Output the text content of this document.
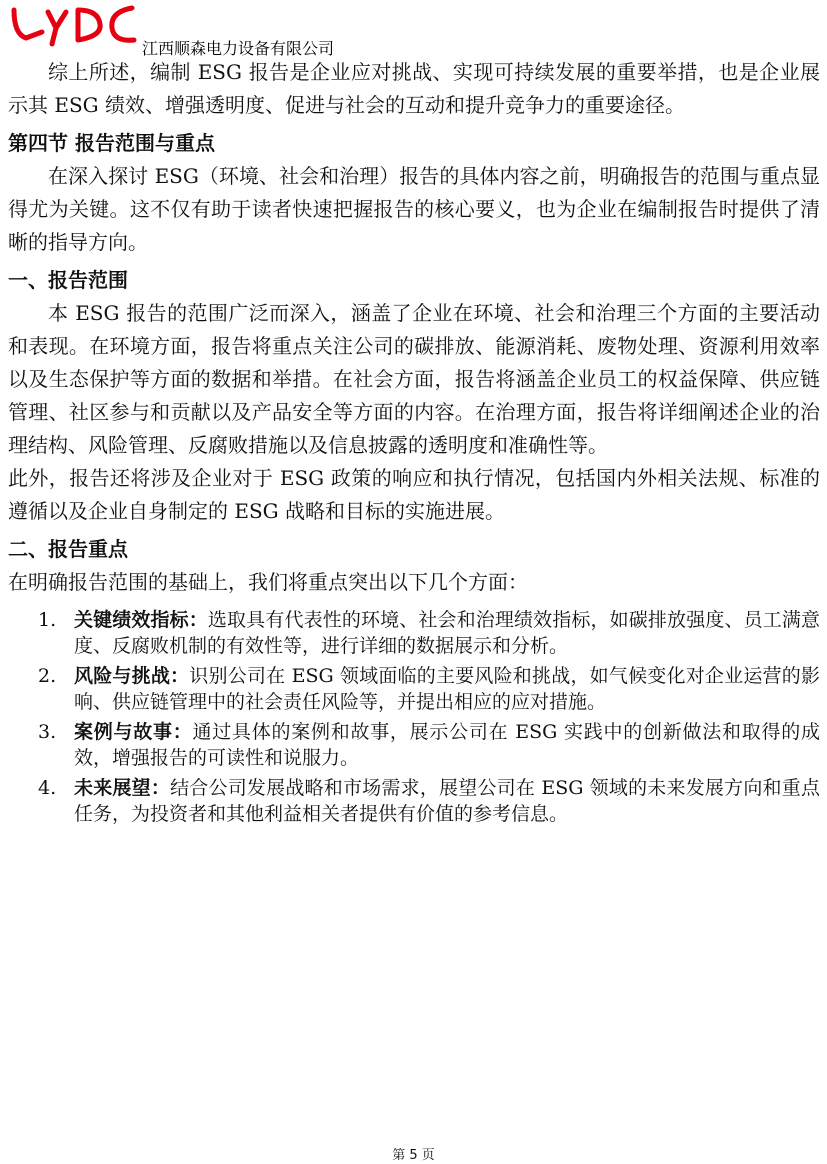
江西顺森电力设备有限公司

综上所述，编制 ESG 报告是企业应对挑战、实现可持续发展的重要举措，也是企业展示其 ESG 绩效、增强透明度、促进与社会的互动和提升竞争力的重要途径。

第四节 报告范围与重点

在深入探讨 ESG（环境、社会和治理）报告的具体内容之前，明确报告的范围与重点显得尤为关键。这不仅有助于读者快速把握报告的核心要义，也为企业在编制报告时提供了清晰的指导方向。

一、报告范围

本 ESG 报告的范围广泛而深入，涵盖了企业在环境、社会和治理三个方面的主要活动和表现。在环境方面，报告将重点关注公司的碳排放、能源消耗、废物处理、资源利用效率以及生态保护等方面的数据和举措。在社会方面，报告将涵盖企业员工的权益保障、供应链管理、社区参与和贡献以及产品安全等方面的内容。在治理方面，报告将详细阐述企业的治理结构、风险管理、反腐败措施以及信息披露的透明度和准确性等。

此外，报告还将涉及企业对于 ESG 政策的响应和执行情况，包括国内外相关法规、标准的遵循以及企业自身制定的 ESG 战略和目标的实施进展。

二、报告重点

在明确报告范围的基础上，我们将重点突出以下几个方面：

1. 关键绩效指标：选取具有代表性的环境、社会和治理绩效指标，如碳排放强度、员工满意度、反腐败机制的有效性等，进行详细的数据展示和分析。
2. 风险与挑战：识别公司在 ESG 领域面临的主要风险和挑战，如气候变化对企业运营的影响、供应链管理中的社会责任风险等，并提出相应的应对措施。
3. 案例与故事：通过具体的案例和故事，展示公司在 ESG 实践中的创新做法和取得的成效，增强报告的可读性和说服力。
4. 未来展望：结合公司发展战略和市场需求，展望公司在 ESG 领域的未来发展方向和重点任务，为投资者和其他利益相关者提供有价值的参考信息。
第 5 页
